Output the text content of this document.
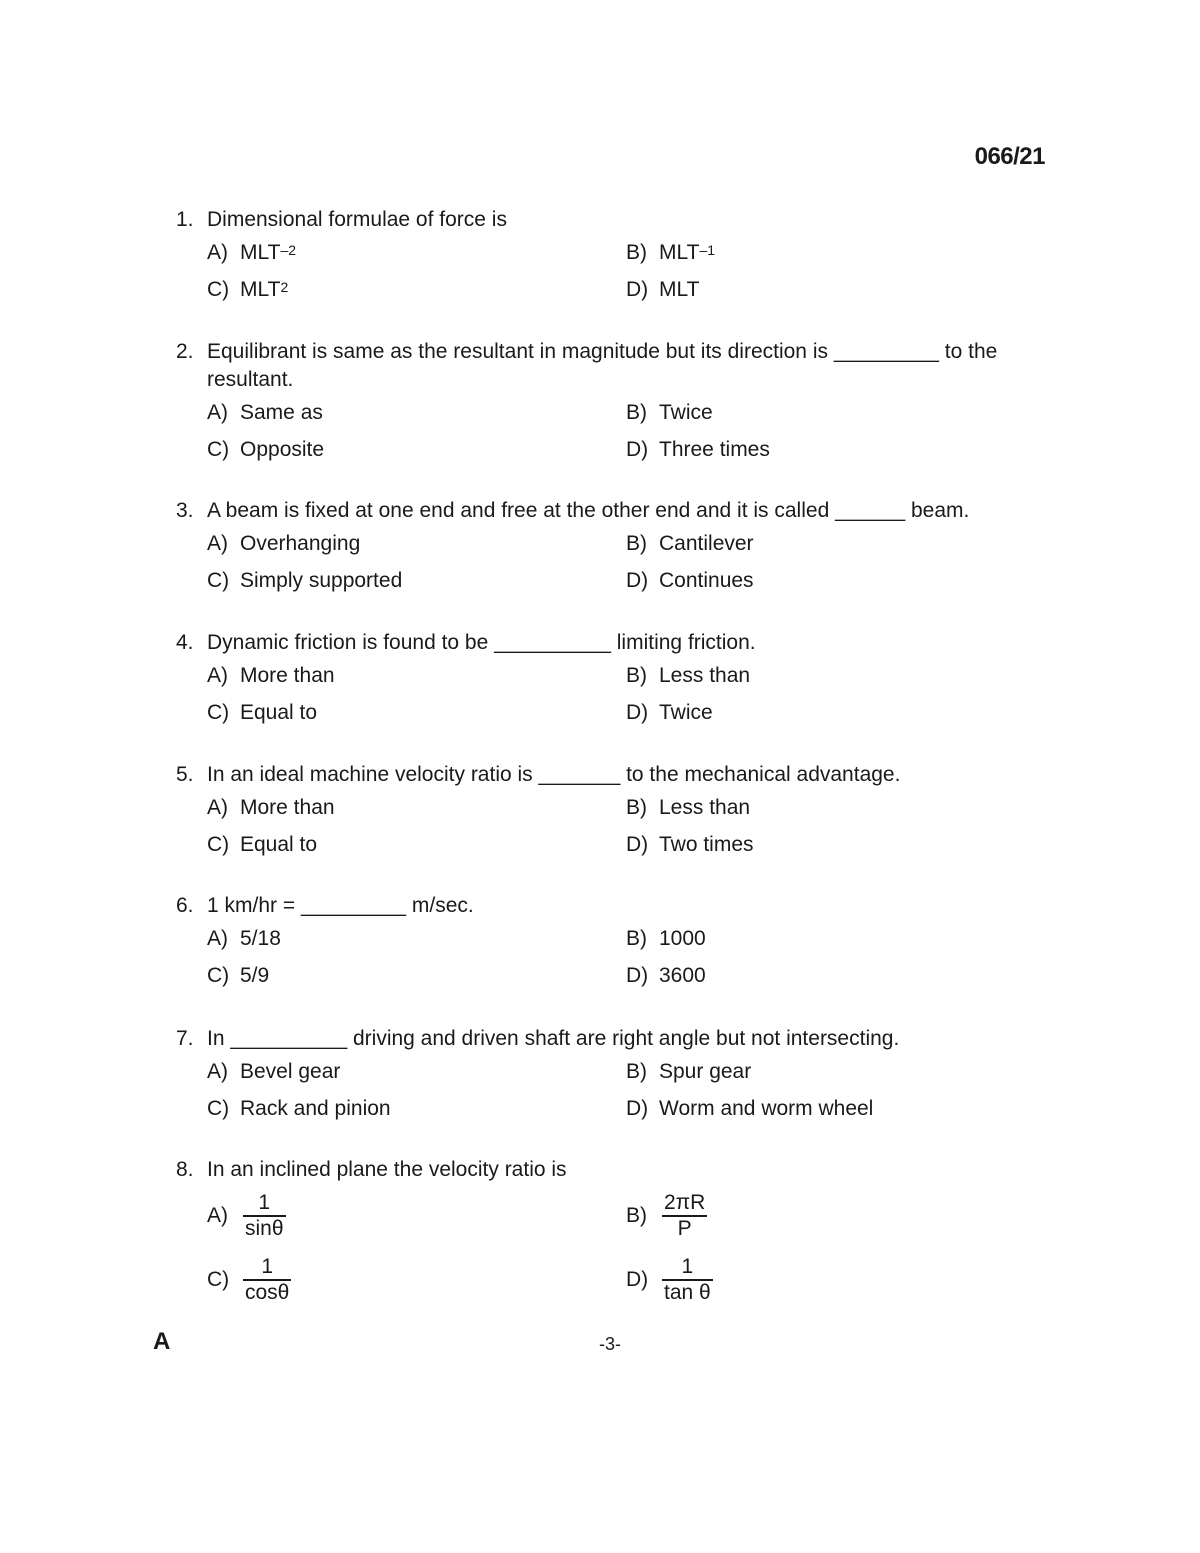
066/21
1. Dimensional formulae of force is
A) $MLT^{-2}$	B) $MLT^{-1}$
C) MLT$^2$	D) MLT
2. Equilibrant is same as the resultant in magnitude but its direction is _________ to the resultant.
A) Same as	B) Twice
C) Opposite	D) Three times
3. A beam is fixed at one end and free at the other end and it is called ______ beam.
A) Overhanging	B) Cantilever
C) Simply supported	D) Continues
4. Dynamic friction is found to be __________ limiting friction.
A) More than	B) Less than
C) Equal to	D) Twice
5. In an ideal machine velocity ratio is _______ to the mechanical advantage.
A) More than	B) Less than
C) Equal to	D) Two times
6. 1 km/hr = _________ m/sec.
A) 5/18	B) 1000
C) 5/9	D) 3600
7. In __________ driving and driven shaft are right angle but not intersecting.
A) Bevel gear	B) Spur gear
C) Rack and pinion	D) Worm and worm wheel
8. In an inclined plane the velocity ratio is
$A) \frac{1}{\sin\theta}$	$B) \frac{2\pi R}{P}$
$C) \frac{1}{\cos\theta}$	$D) \frac{1}{\text{tan θ}}$
A	-3-
